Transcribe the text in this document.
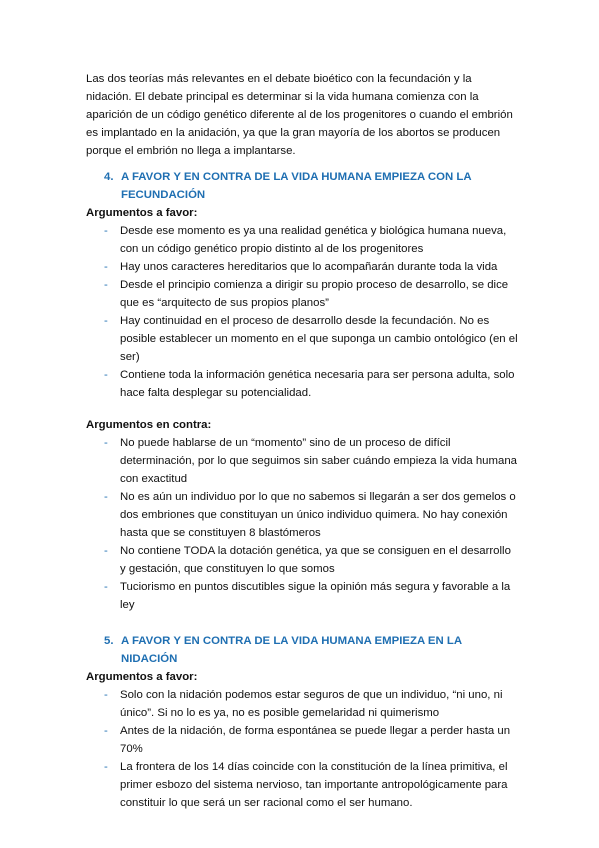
Las dos teorías más relevantes en el debate bioético con la fecundación y la nidación. El debate principal es determinar si la vida humana comienza con la aparición de un código genético diferente al de los progenitores o cuando el embrión es implantado en la anidación, ya que la gran mayoría de los abortos se producen porque el embrión no llega a implantarse.

4. A FAVOR Y EN CONTRA DE LA VIDA HUMANA EMPIEZA CON LA FECUNDACIÓN

Argumentos a favor:

- Desde ese momento es ya una realidad genética y biológica humana nueva, con un código genético propio distinto al de los progenitores
- Hay unos caracteres hereditarios que lo acompañarán durante toda la vida
- Desde el principio comienza a dirigir su propio proceso de desarrollo, se dice que es “arquitecto de sus propios planos”
- Hay continuidad en el proceso de desarrollo desde la fecundación. No es posible establecer un momento en el que suponga un cambio ontológico (en el ser)
- Contiene toda la información genética necesaria para ser persona adulta, solo hace falta desplegar su potencialidad.

Argumentos en contra:

- No puede hablarse de un “momento” sino de un proceso de difícil determinación, por lo que seguimos sin saber cuándo empieza la vida humana con exactitud
- No es aún un individuo por lo que no sabemos si llegarán a ser dos gemelos o dos embriones que constituyan un único individuo quimera. No hay conexión hasta que se constituyen 8 blastómeros
- No contiene TODA la dotación genética, ya que se consiguen en el desarrollo y gestación, que constituyen lo que somos
- Tuciorismo en puntos discutibles sigue la opinión más segura y favorable a la ley
5. A FAVOR Y EN CONTRA DE LA VIDA HUMANA EMPIEZA EN LA NIDACIÓN

Argumentos a favor:

- Solo con la nidación podemos estar seguros de que un individuo, “ni uno, ni único”. Si no lo es ya, no es posible gemelaridad ni quimerismo
- Antes de la nidación, de forma espontánea se puede llegar a perder hasta un 70%
- La frontera de los 14 días coincide con la constitución de la línea primitiva, el primer esbozo del sistema nervioso, tan importante antropológicamente para constituir lo que será un ser racional como el ser humano.
